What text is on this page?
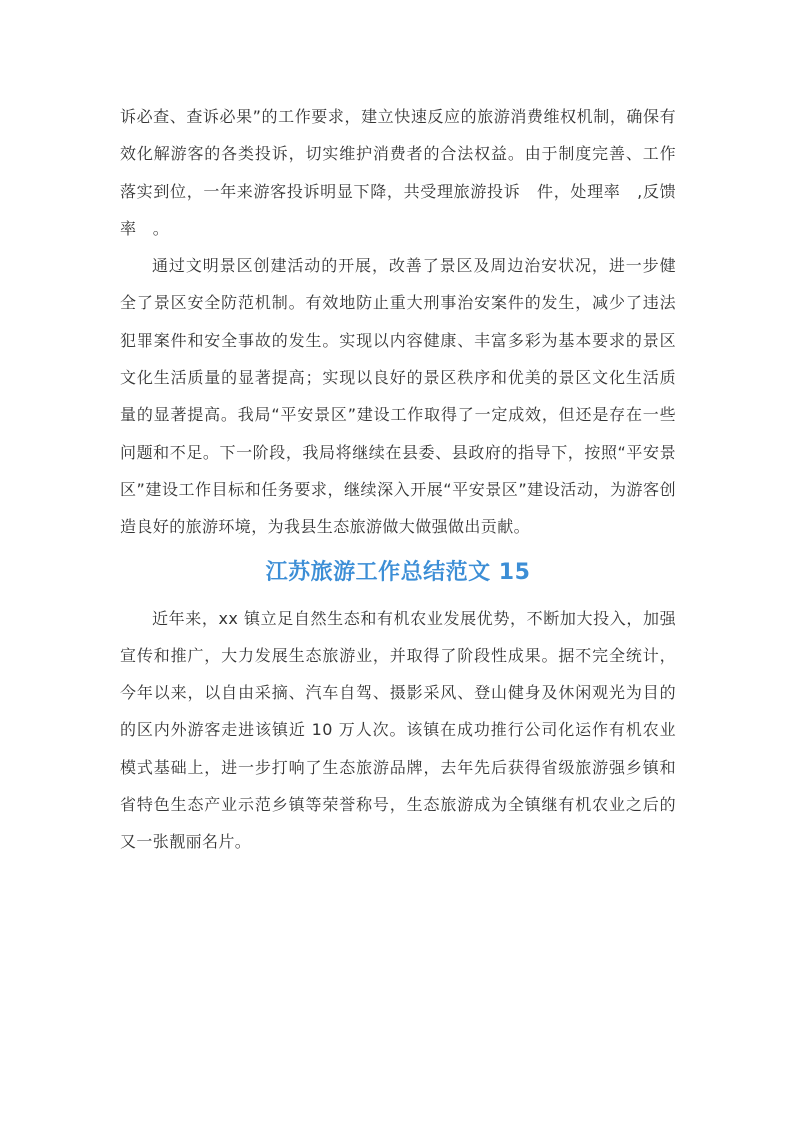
诉必查、查诉必果”的工作要求，建立快速反应的旅游消费维权机制，确保有效化解游客的各类投诉，切实维护消费者的合法权益。由于制度完善、工作落实到位，一年来游客投诉明显下降，共受理旅游投诉　件，处理率　,反馈率　。

通过文明景区创建活动的开展，改善了景区及周边治安状况，进一步健全了景区安全防范机制。有效地防止重大刑事治安案件的发生，减少了违法犯罪案件和安全事故的发生。实现以内容健康、丰富多彩为基本要求的景区文化生活质量的显著提高；实现以良好的景区秩序和优美的景区文化生活质量的显著提高。我局“平安景区”建设工作取得了一定成效，但还是存在一些问题和不足。下一阶段，我局将继续在县委、县政府的指导下，按照“平安景区”建设工作目标和任务要求，继续深入开展“平安景区”建设活动，为游客创造良好的旅游环境，为我县生态旅游做大做强做出贡献。

江苏旅游工作总结范文 15

近年来，xx 镇立足自然生态和有机农业发展优势，不断加大投入，加强宣传和推广，大力发展生态旅游业，并取得了阶段性成果。据不完全统计，今年以来，以自由采摘、汽车自驾、摄影采风、登山健身及休闲观光为目的的区内外游客走进该镇近 10 万人次。该镇在成功推行公司化运作有机农业模式基础上，进一步打响了生态旅游品牌，去年先后获得省级旅游强乡镇和省特色生态产业示范乡镇等荣誉称号，生态旅游成为全镇继有机农业之后的又一张靓丽名片。
